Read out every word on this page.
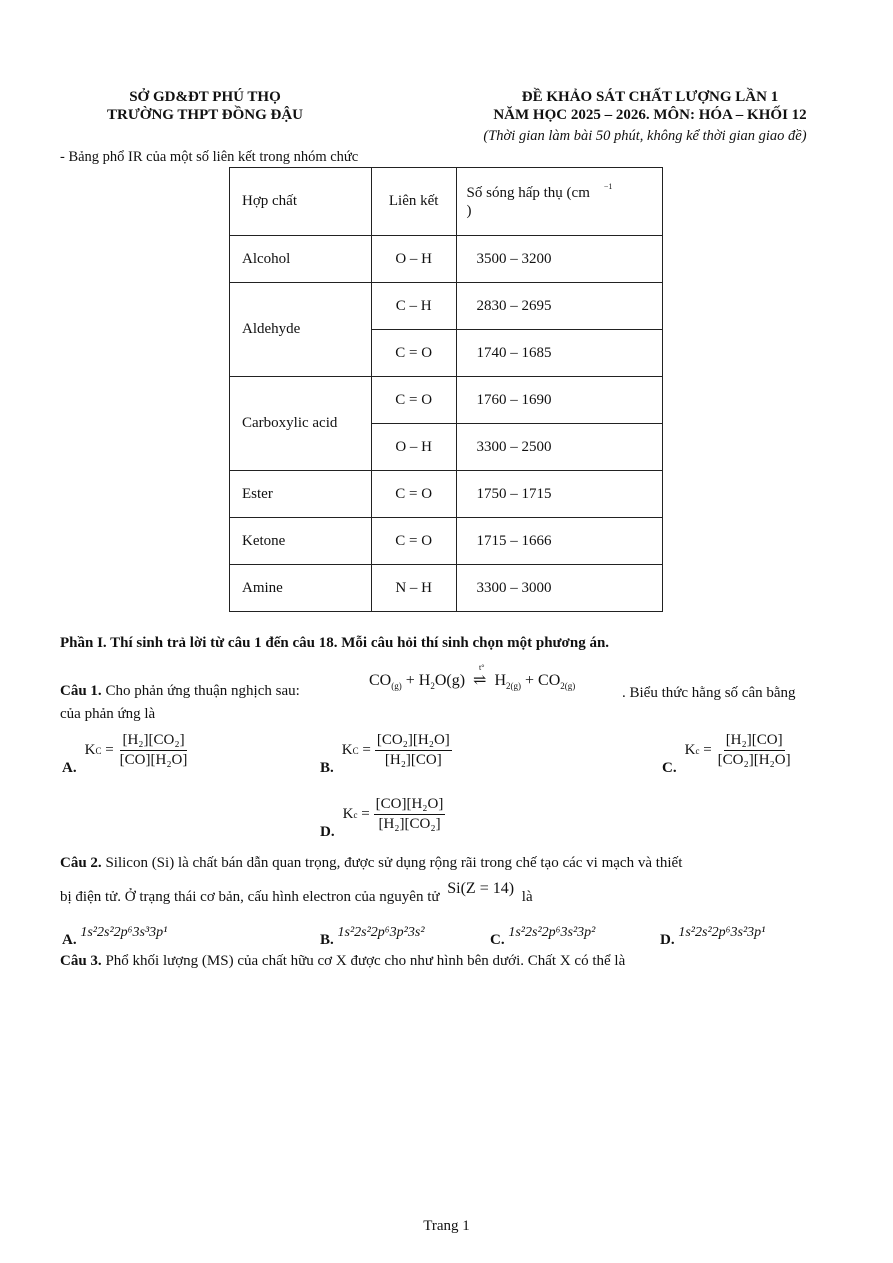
SỞ GD&ĐT PHÚ THỌ
TRƯỜNG THPT ĐỒNG ĐẬU
ĐỀ KHẢO SÁT CHẤT LƯỢNG LẦN 1
NĂM HỌC 2025 – 2026. MÔN: HÓA – KHỐI 12
(Thời gian làm bài 50 phút, không kể thời gian giao đề)
- Bảng phổ IR của một số liên kết trong nhóm chức
Hợp chất	Liên kết	Số sóng hấp thụ (cm $^{-1}$
)
Alcohol	O – H	3500 – 3200
Aldehyde	C – H	2830 – 2695
	C = O	1740 – 1685
Carboxylic acid	C = O	1760 – 1690
	O – H	3300 – 2500
Ester	C = O	1750 – 1715
Ketone	C = O	1715 – 1666
Amine	N – H	3300 – 3000
Phần I. Thí sinh trả lời từ câu 1 đến câu 18. Mỗi câu hỏi thí sinh chọn một phương án.
Câu 1. Cho phản ứng thuận nghịch sau:
$CO_{(g)} + H_2O(g)$
t°
⇌ $H_{2(g)} + CO_{2(g)}$	. Biểu thức hằng số cân bằng
của phản ứng là
A.
K $C = \frac{\text{[H₂][CO₂]}}{\text{[CO][H₂O]}}$	B.
K $C = \frac{\text{[CO₂][H₂O]}}{\text{[H₂][CO]}}$	C.
K $c = \frac{\text{[H₂][CO]}}{\text{[CO₂][H₂O]}}$
D.
K $c = \frac{\text{[CO][H₂O]}}{\text{[H₂][CO₂]}}$
Câu 2. Silicon (Si) là chất bán dẫn quan trọng, được sử dụng rộng rãi trong chế tạo các vi mạch và thiết
bị điện tử. Ở trạng thái cơ bản, cấu hình electron của nguyên tử Si(Z = 14) là
A. 1s²2s²2p⁶3s³3p¹	B. 1s²2s²2p⁶3p²3s²	C. 1s²2s²2p⁶3s²3p²	D. 1s²2s²2p⁶3s²3p¹
Câu 3. Phổ khối lượng (MS) của chất hữu cơ X được cho như hình bên dưới. Chất X có thể là
Trang 1
